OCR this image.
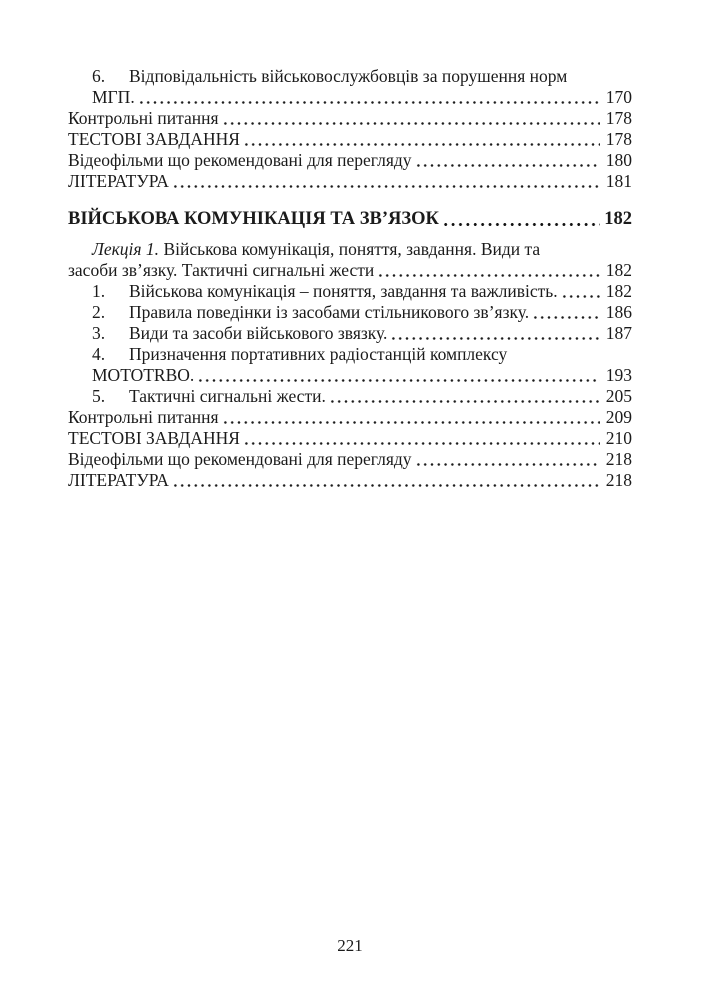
6.	Відповідальність військовослужбовців за порушення норм
МГП.	170
Контрольні питання	178
ТЕСТОВІ ЗАВДАННЯ	178
Відеофільми що рекомендовані для перегляду	180
ЛІТЕРАТУРА	181
ВІЙСЬКОВА КОМУНІКАЦІЯ ТА ЗВ’ЯЗОК	182
Лекція 1. Військова комунікація, поняття, завдання. Види та
засоби зв’язку. Тактичні сигнальні жести	182
1.	Військова комунікація – поняття, завдання та важливість.	182
2.	Правила поведінки із засобами стільникового зв’язку.	186
3.	Види та засоби військового звязку.	187
4.	Призначення портативних радіостанцій комплексу
MOTOTRBO.	193
5.	Тактичні сигнальні жести.	205
Контрольні питання	209
ТЕСТОВІ ЗАВДАННЯ	210
Відеофільми що рекомендовані для перегляду	218
ЛІТЕРАТУРА	218
221
